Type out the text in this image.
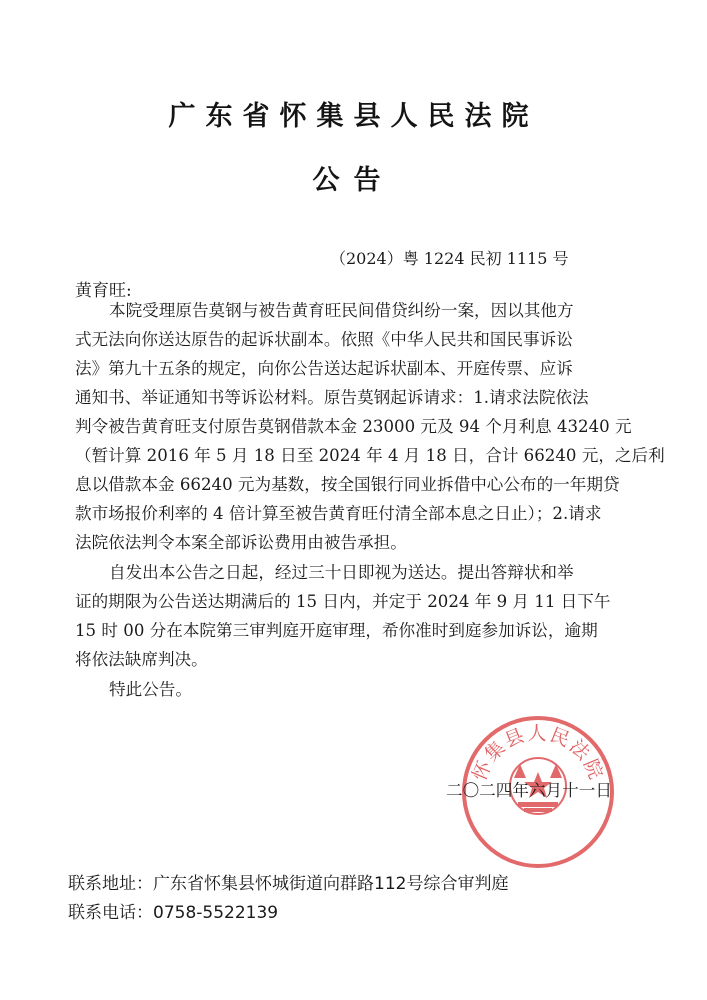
广东省怀集县人民法院
公告
（2024）粤 1224 民初 1115 号
黄育旺:
本院受理原告莫钢与被告黄育旺民间借贷纠纷一案，因以其他方
式无法向你送达原告的起诉状副本。依照《中华人民共和国民事诉讼
法》第九十五条的规定，向你公告送达起诉状副本、开庭传票、应诉
通知书、举证通知书等诉讼材料。原告莫钢起诉请求：1.请求法院依法
判令被告黄育旺支付原告莫钢借款本金 23000 元及 94 个月利息 43240 元
（暂计算 2016 年 5 月 18 日至 2024 年 4 月 18 日，合计 66240 元，之后利
息以借款本金 66240 元为基数，按全国银行同业拆借中心公布的一年期贷
款市场报价利率的 4 倍计算至被告黄育旺付清全部本息之日止）；2.请求
法院依法判令本案全部诉讼费用由被告承担。
自发出本公告之日起，经过三十日即视为送达。提出答辩状和举
证的期限为公告送达期满后的 15 日内，并定于 2024 年 9 月 11 日下午
15 时 00 分在本院第三审判庭开庭审理，希你准时到庭参加诉讼，逾期
将依法缺席判决。
特此公告。
怀集县人民法院
二〇二四年六月十一日
联系地址：广东省怀集县怀城街道向群路112号综合审判庭
联系电话：0758-5522139
